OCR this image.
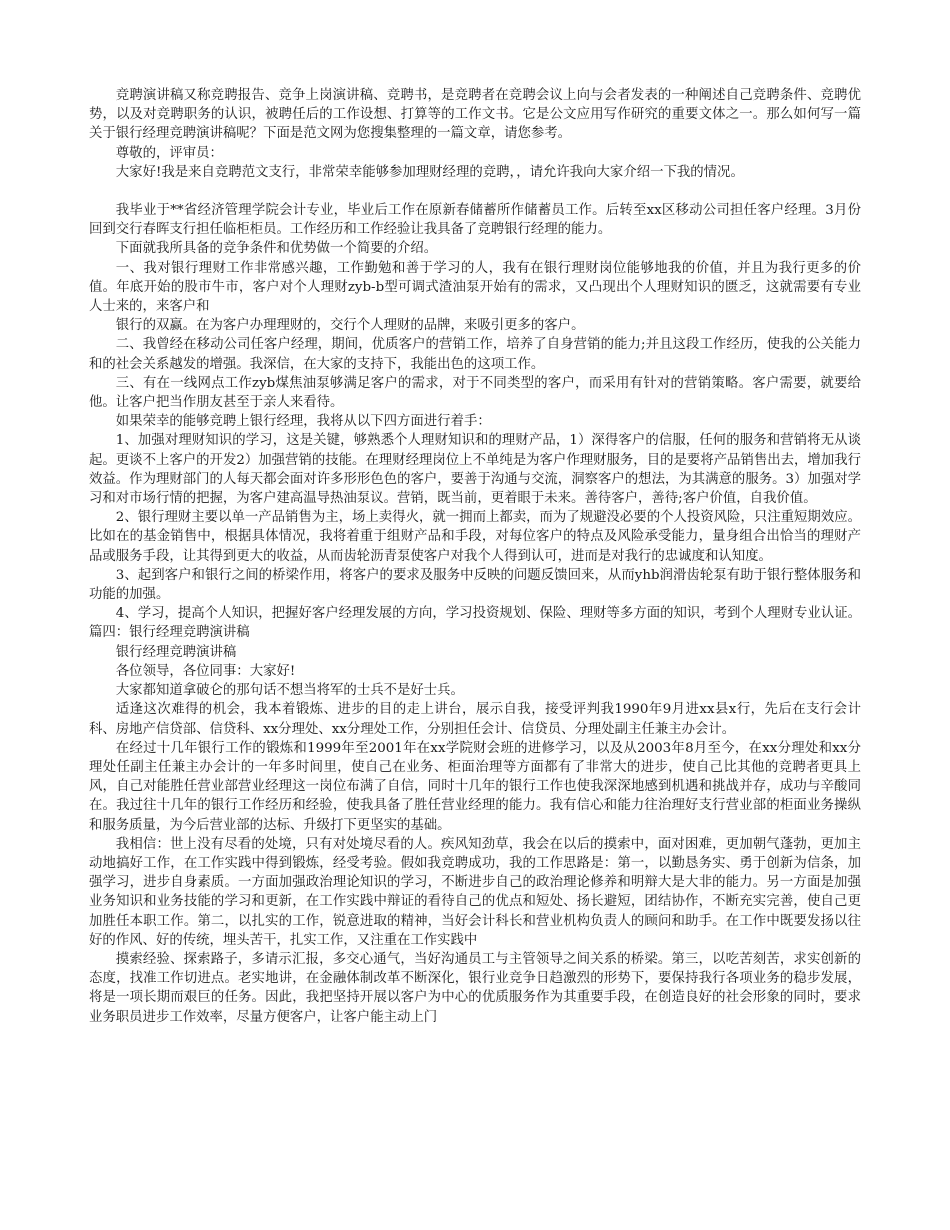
竞聘演讲稿又称竞聘报告、竞争上岗演讲稿、竞聘书，是竞聘者在竞聘会议上向与会者发表的一种阐述自己竞聘条件、竞聘优势，以及对竞聘职务的认识，被聘任后的工作设想、打算等的工作文书。它是公文应用写作研究的重要文体之一。那么如何写一篇关于银行经理竞聘演讲稿呢？下面是范文网为您搜集整理的一篇文章，请您参考。

尊敬的，评审员：

大家好!我是来自竞聘范文支行，非常荣幸能够参加理财经理的竞聘，，请允许我向大家介绍一下我的情况。

我毕业于**省经济管理学院会计专业，毕业后工作在原新春储蓄所作储蓄员工作。后转至xx区移动公司担任客户经理。3月份回到交行春晖支行担任临柜柜员。工作经历和工作经验让我具备了竞聘银行经理的能力。

下面就我所具备的竞争条件和优势做一个简要的介绍。

一、我对银行理财工作非常感兴趣，工作勤勉和善于学习的人，我有在银行理财岗位能够地我的价值，并且为我行更多的价值。年底开始的股市牛市，客户对个人理财zyb-b型可调式渣油泵开始有的需求，又凸现出个人理财知识的匮乏，这就需要有专业人士来的，来客户和

银行的双赢。在为客户办理理财的，交行个人理财的品牌，来吸引更多的客户。

二、我曾经在移动公司任客户经理，期间，优质客户的营销工作，培养了自身营销的能力;并且这段工作经历，使我的公关能力和的社会关系越发的增强。我深信，在大家的支持下，我能出色的这项工作。

三、有在一线网点工作zyb煤焦油泵够满足客户的需求，对于不同类型的客户，而采用有针对的营销策略。客户需要，就要给他。让客户把当作朋友甚至于亲人来看待。

如果荣幸的能够竞聘上银行经理，我将从以下四方面进行着手：

1、加强对理财知识的学习，这是关键，够熟悉个人理财知识和的理财产品，1）深得客户的信服，任何的服务和营销将无从谈起。更谈不上客户的开发2）加强营销的技能。在理财经理岗位上不单纯是为客户作理财服务，目的是要将产品销售出去，增加我行效益。作为理财部门的人每天都会面对许多形形色色的客户，要善于沟通与交流，洞察客户的想法，为其满意的服务。3）加强对学习和对市场行情的把握，为客户建高温导热油泵议。营销，既当前，更着眼于未来。善待客户，善待;客户价值，自我价值。

2、银行理财主要以单一产品销售为主，场上卖得火，就一拥而上都卖，而为了规避没必要的个人投资风险，只注重短期效应。比如在的基金销售中，根据具体情况，我将着重于组财产品和手段，对每位客户的特点及风险承受能力，量身组合出恰当的理财产品或服务手段，让其得到更大的收益，从而齿轮沥青泵使客户对我个人得到认可，进而是对我行的忠诚度和认知度。

3、起到客户和银行之间的桥梁作用，将客户的要求及服务中反映的问题反馈回来，从而yhb润滑齿轮泵有助于银行整体服务和功能的加强。

4、学习，提高个人知识，把握好客户经理发展的方向，学习投资规划、保险、理财等多方面的知识，考到个人理财专业认证。篇四：银行经理竞聘演讲稿

银行经理竞聘演讲稿

各位领导，各位同事：大家好!

大家都知道拿破仑的那句话不想当将军的士兵不是好士兵。

适逢这次难得的机会，我本着锻炼、进步的目的走上讲台，展示自我，接受评判我1990年9月进xx县x行，先后在支行会计科、房地产信贷部、信贷科、xx分理处、xx分理处工作，分别担任会计、信贷员、分理处副主任兼主办会计。

在经过十几年银行工作的锻炼和1999年至2001年在xx学院财会班的进修学习，以及从2003年8月至今，在xx分理处和xx分理处任副主任兼主办会计的一年多时间里，使自己在业务、柜面治理等方面都有了非常大的进步，使自己比其他的竞聘者更具上风，自己对能胜任营业部营业经理这一岗位布满了自信，同时十几年的银行工作也使我深深地感到机遇和挑战并存，成功与辛酸同在。我过往十几年的银行工作经历和经验，使我具备了胜任营业经理的能力。我有信心和能力往治理好支行营业部的柜面业务操纵和服务质量，为今后营业部的达标、升级打下更坚实的基础。

我相信：世上没有尽看的处境，只有对处境尽看的人。疾风知劲草，我会在以后的摸索中，面对困难，更加朝气蓬勃，更加主动地搞好工作，在工作实践中得到锻炼，经受考验。假如我竞聘成功，我的工作思路是：第一，以勤恳务实、勇于创新为信条，加强学习，进步自身素质。一方面加强政治理论知识的学习，不断进步自己的政治理论修养和明辩大是大非的能力。另一方面是加强业务知识和业务技能的学习和更新，在工作实践中辩证的看待自己的优点和短处、扬长避短，团结协作，不断充实完善，使自己更加胜任本职工作。第二，以扎实的工作，锐意进取的精神，当好会计科长和营业机构负责人的顾问和助手。在工作中既要发扬以往好的作风、好的传统，埋头苦干，扎实工作，又注重在工作实践中

摸索经验、探索路子，多请示汇报，多交心通气，当好沟通员工与主管领导之间关系的桥梁。第三，以吃苦刻苦，求实创新的态度，找准工作切进点。老实地讲，在金融体制改革不断深化，银行业竞争日趋激烈的形势下，要保持我行各项业务的稳步发展，将是一项长期而艰巨的任务。因此，我把坚持开展以客户为中心的优质服务作为其重要手段，在创造良好的社会形象的同时，要求业务职员进步工作效率，尽量方便客户，让客户能主动上门
